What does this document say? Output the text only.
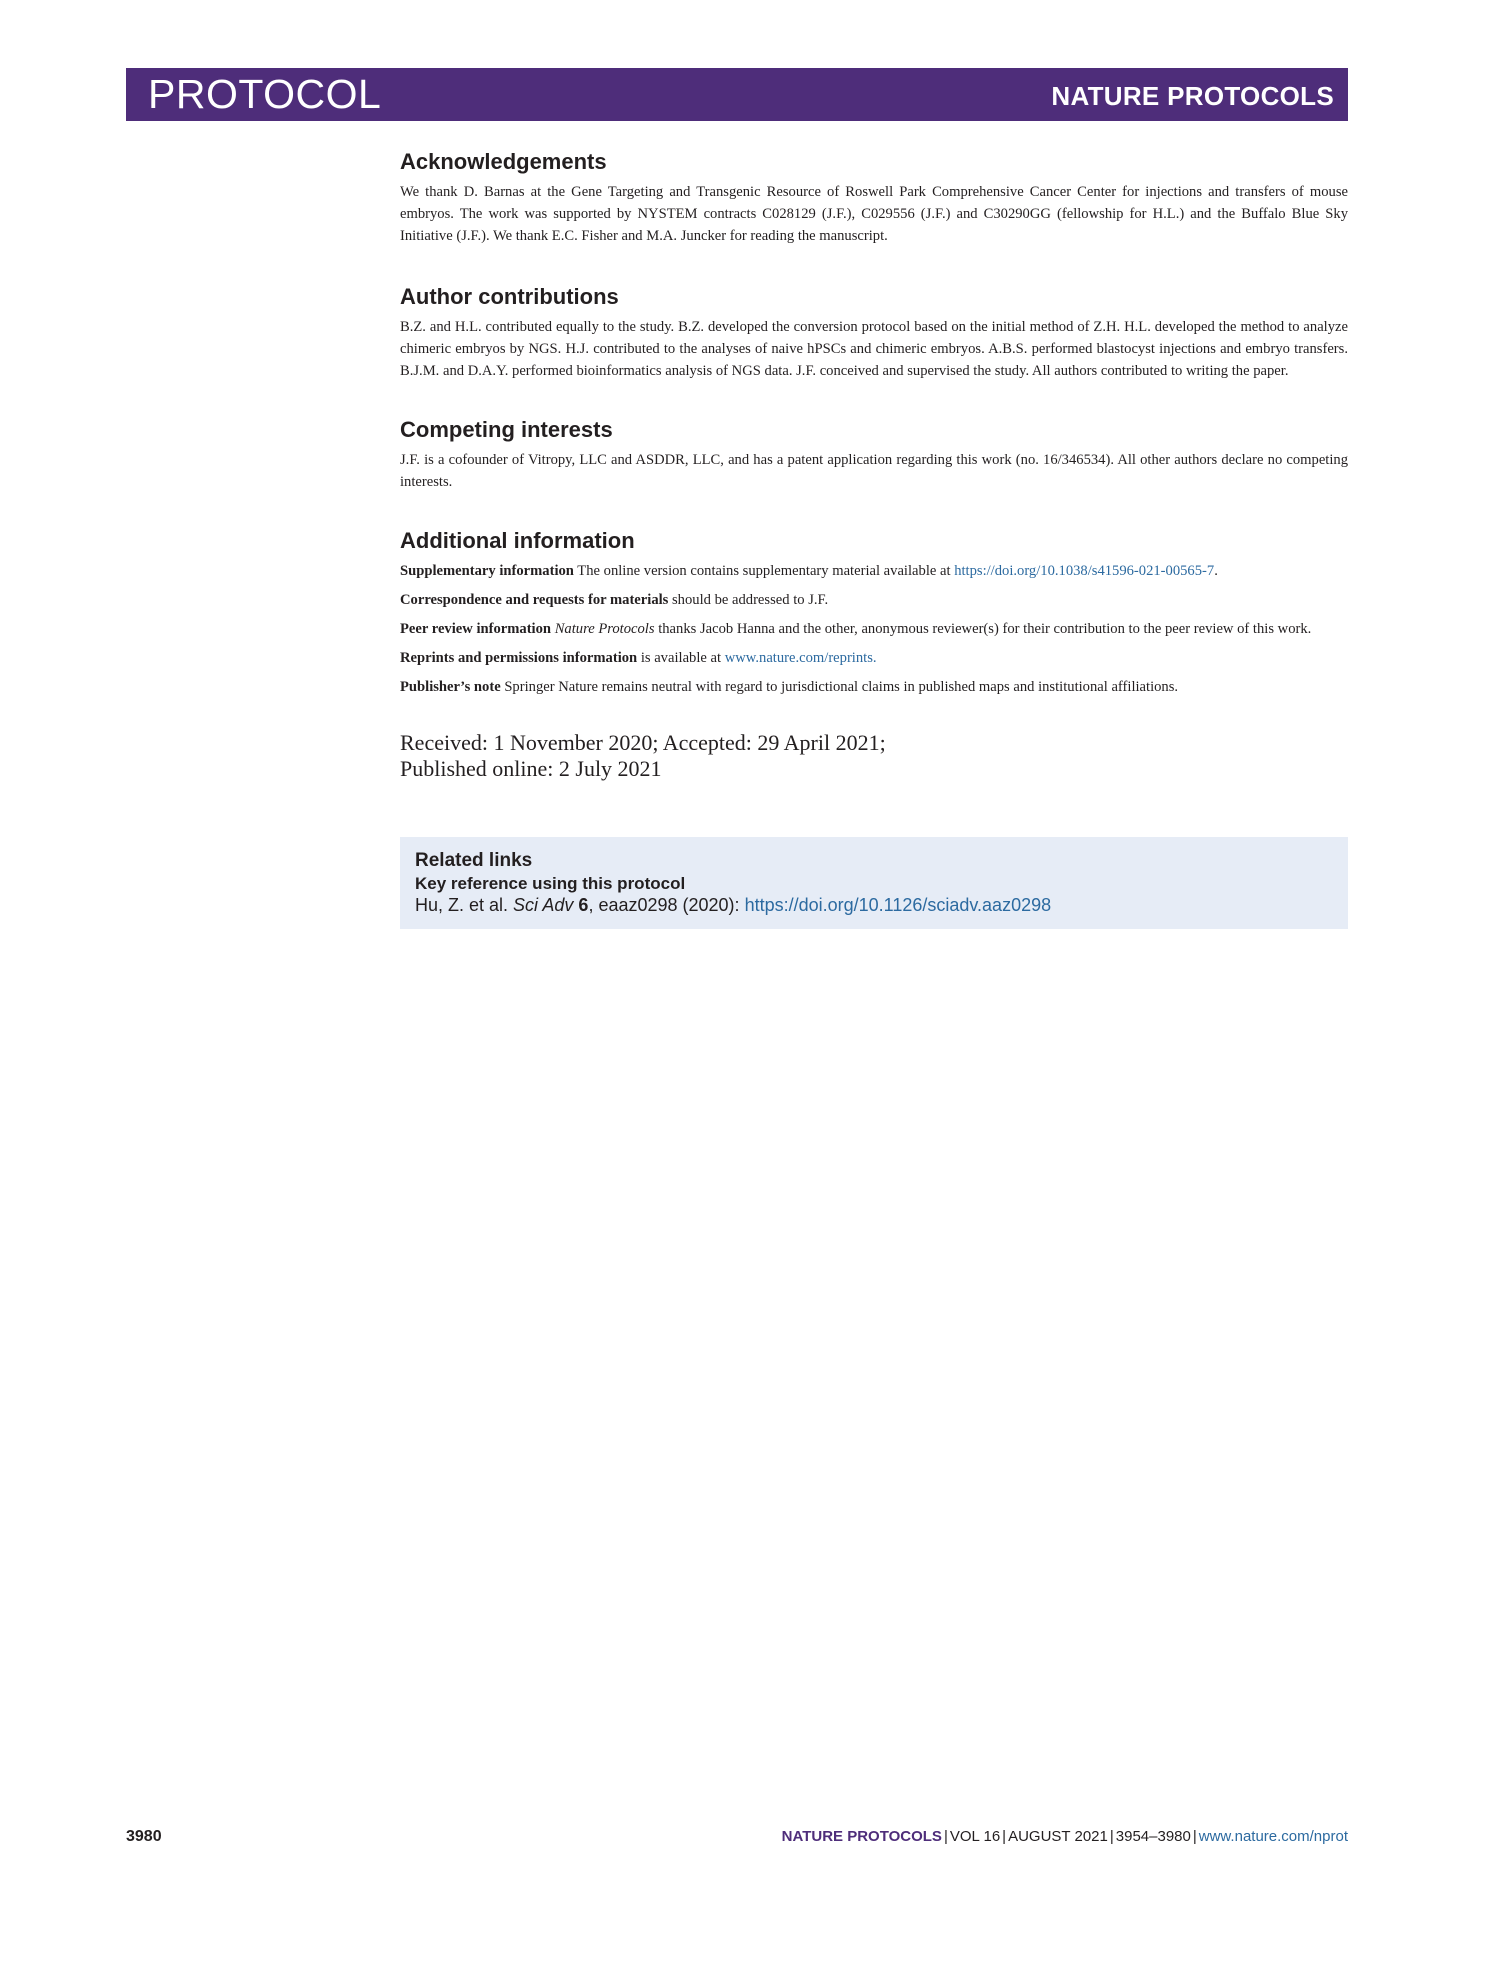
PROTOCOL	NATURE PROTOCOLS
Acknowledgements

We thank D. Barnas at the Gene Targeting and Transgenic Resource of Roswell Park Comprehensive Cancer Center for injections and transfers of mouse embryos. The work was supported by NYSTEM contracts C028129 (J.F.), C029556 (J.F.) and C30290GG (fellowship for H.L.) and the Buffalo Blue Sky Initiative (J.F.). We thank E.C. Fisher and M.A. Juncker for reading the manuscript.

Author contributions

B.Z. and H.L. contributed equally to the study. B.Z. developed the conversion protocol based on the initial method of Z.H. H.L. developed the method to analyze chimeric embryos by NGS. H.J. contributed to the analyses of naive hPSCs and chimeric embryos. A.B.S. performed blastocyst injections and embryo transfers. B.J.M. and D.A.Y. performed bioinformatics analysis of NGS data. J.F. conceived and supervised the study. All authors contributed to writing the paper.

Competing interests

J.F. is a cofounder of Vitropy, LLC and ASDDR, LLC, and has a patent application regarding this work (no. 16/346534). All other authors declare no competing interests.

Additional information

Supplementary information The online version contains supplementary material available at https://doi.org/10.1038/s41596-021-00565-7.

Correspondence and requests for materials should be addressed to J.F.

Peer review information Nature Protocols thanks Jacob Hanna and the other, anonymous reviewer(s) for their contribution to the peer review of this work.

Reprints and permissions information is available at www.nature.com/reprints.

Publisher’s note Springer Nature remains neutral with regard to jurisdictional claims in published maps and institutional affiliations.

Received: 1 November 2020; Accepted: 29 April 2021;
Published online: 2 July 2021
Related links
Key reference using this protocol
Hu, Z. et al. Sci Adv 6, eaaz0298 (2020): https://doi.org/10.1126/sciadv.aaz0298
3980	NATURE PROTOCOLS | VOL 16 | AUGUST 2021 | 3954–3980 | www.nature.com/nprot
